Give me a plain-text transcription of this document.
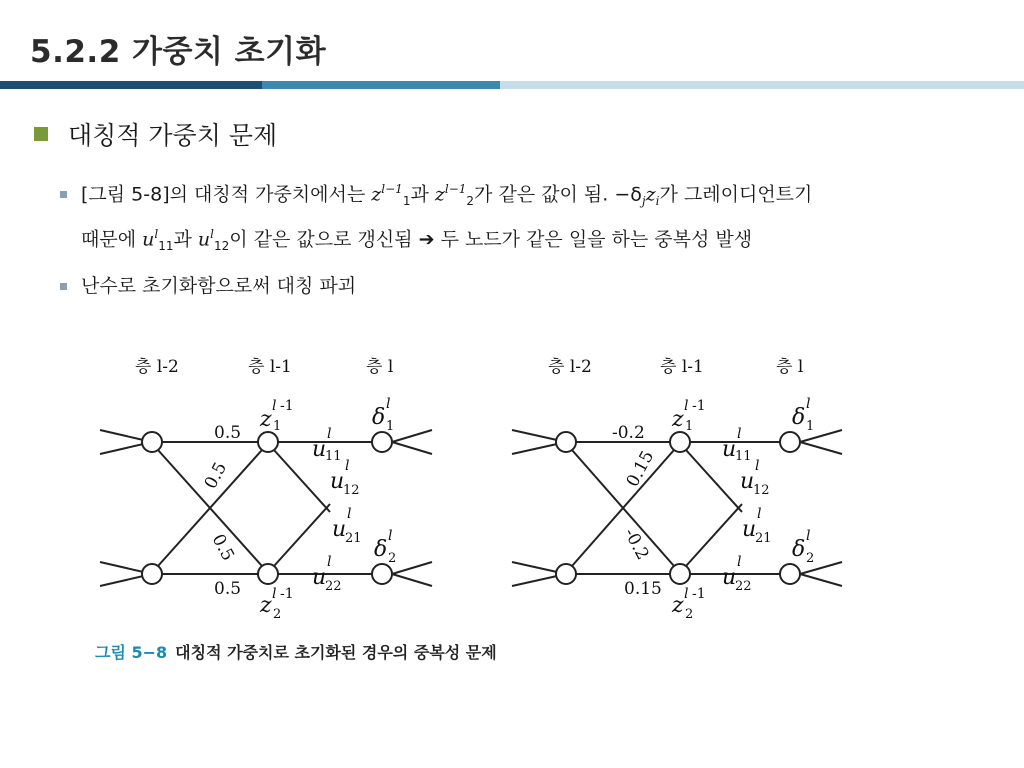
5.2.2 가중치 초기화
대칭적 가중치 문제
[그림 5-8]의 대칭적 가중치에서는 $z^{l-1}_1$과 $z^{l-1}_2$가 같은 값이 됨. $-\delta_jz_i$가 그레이디언트기
때문에 $u^l_{11}$과 $u^l_{12}$이 같은 값으로 갱신됨 ➔ 두 노드가 같은 일을 하는 중복성 발생
난수로 초기화함으로써 대칭 파괴
층 l-2	층 l-1	층 l	층 l-2	층 l-1	층 l
0.5
0.5
0.5
0.5
-0.2
0.15
0.15
-0.2
z
l -1
1
z l -1
2
u
l
11
u
l
12
u
l
21
u
l
22
δ
l
1
δ
l
2
z
l -1
1
z l -1
2
u
l
11
u
l
12
u
l
21
u
l
22
δ
l
1
δ
l
2
그림 5−8 대칭적 가중치로 초기화된 경우의 중복성 문제
